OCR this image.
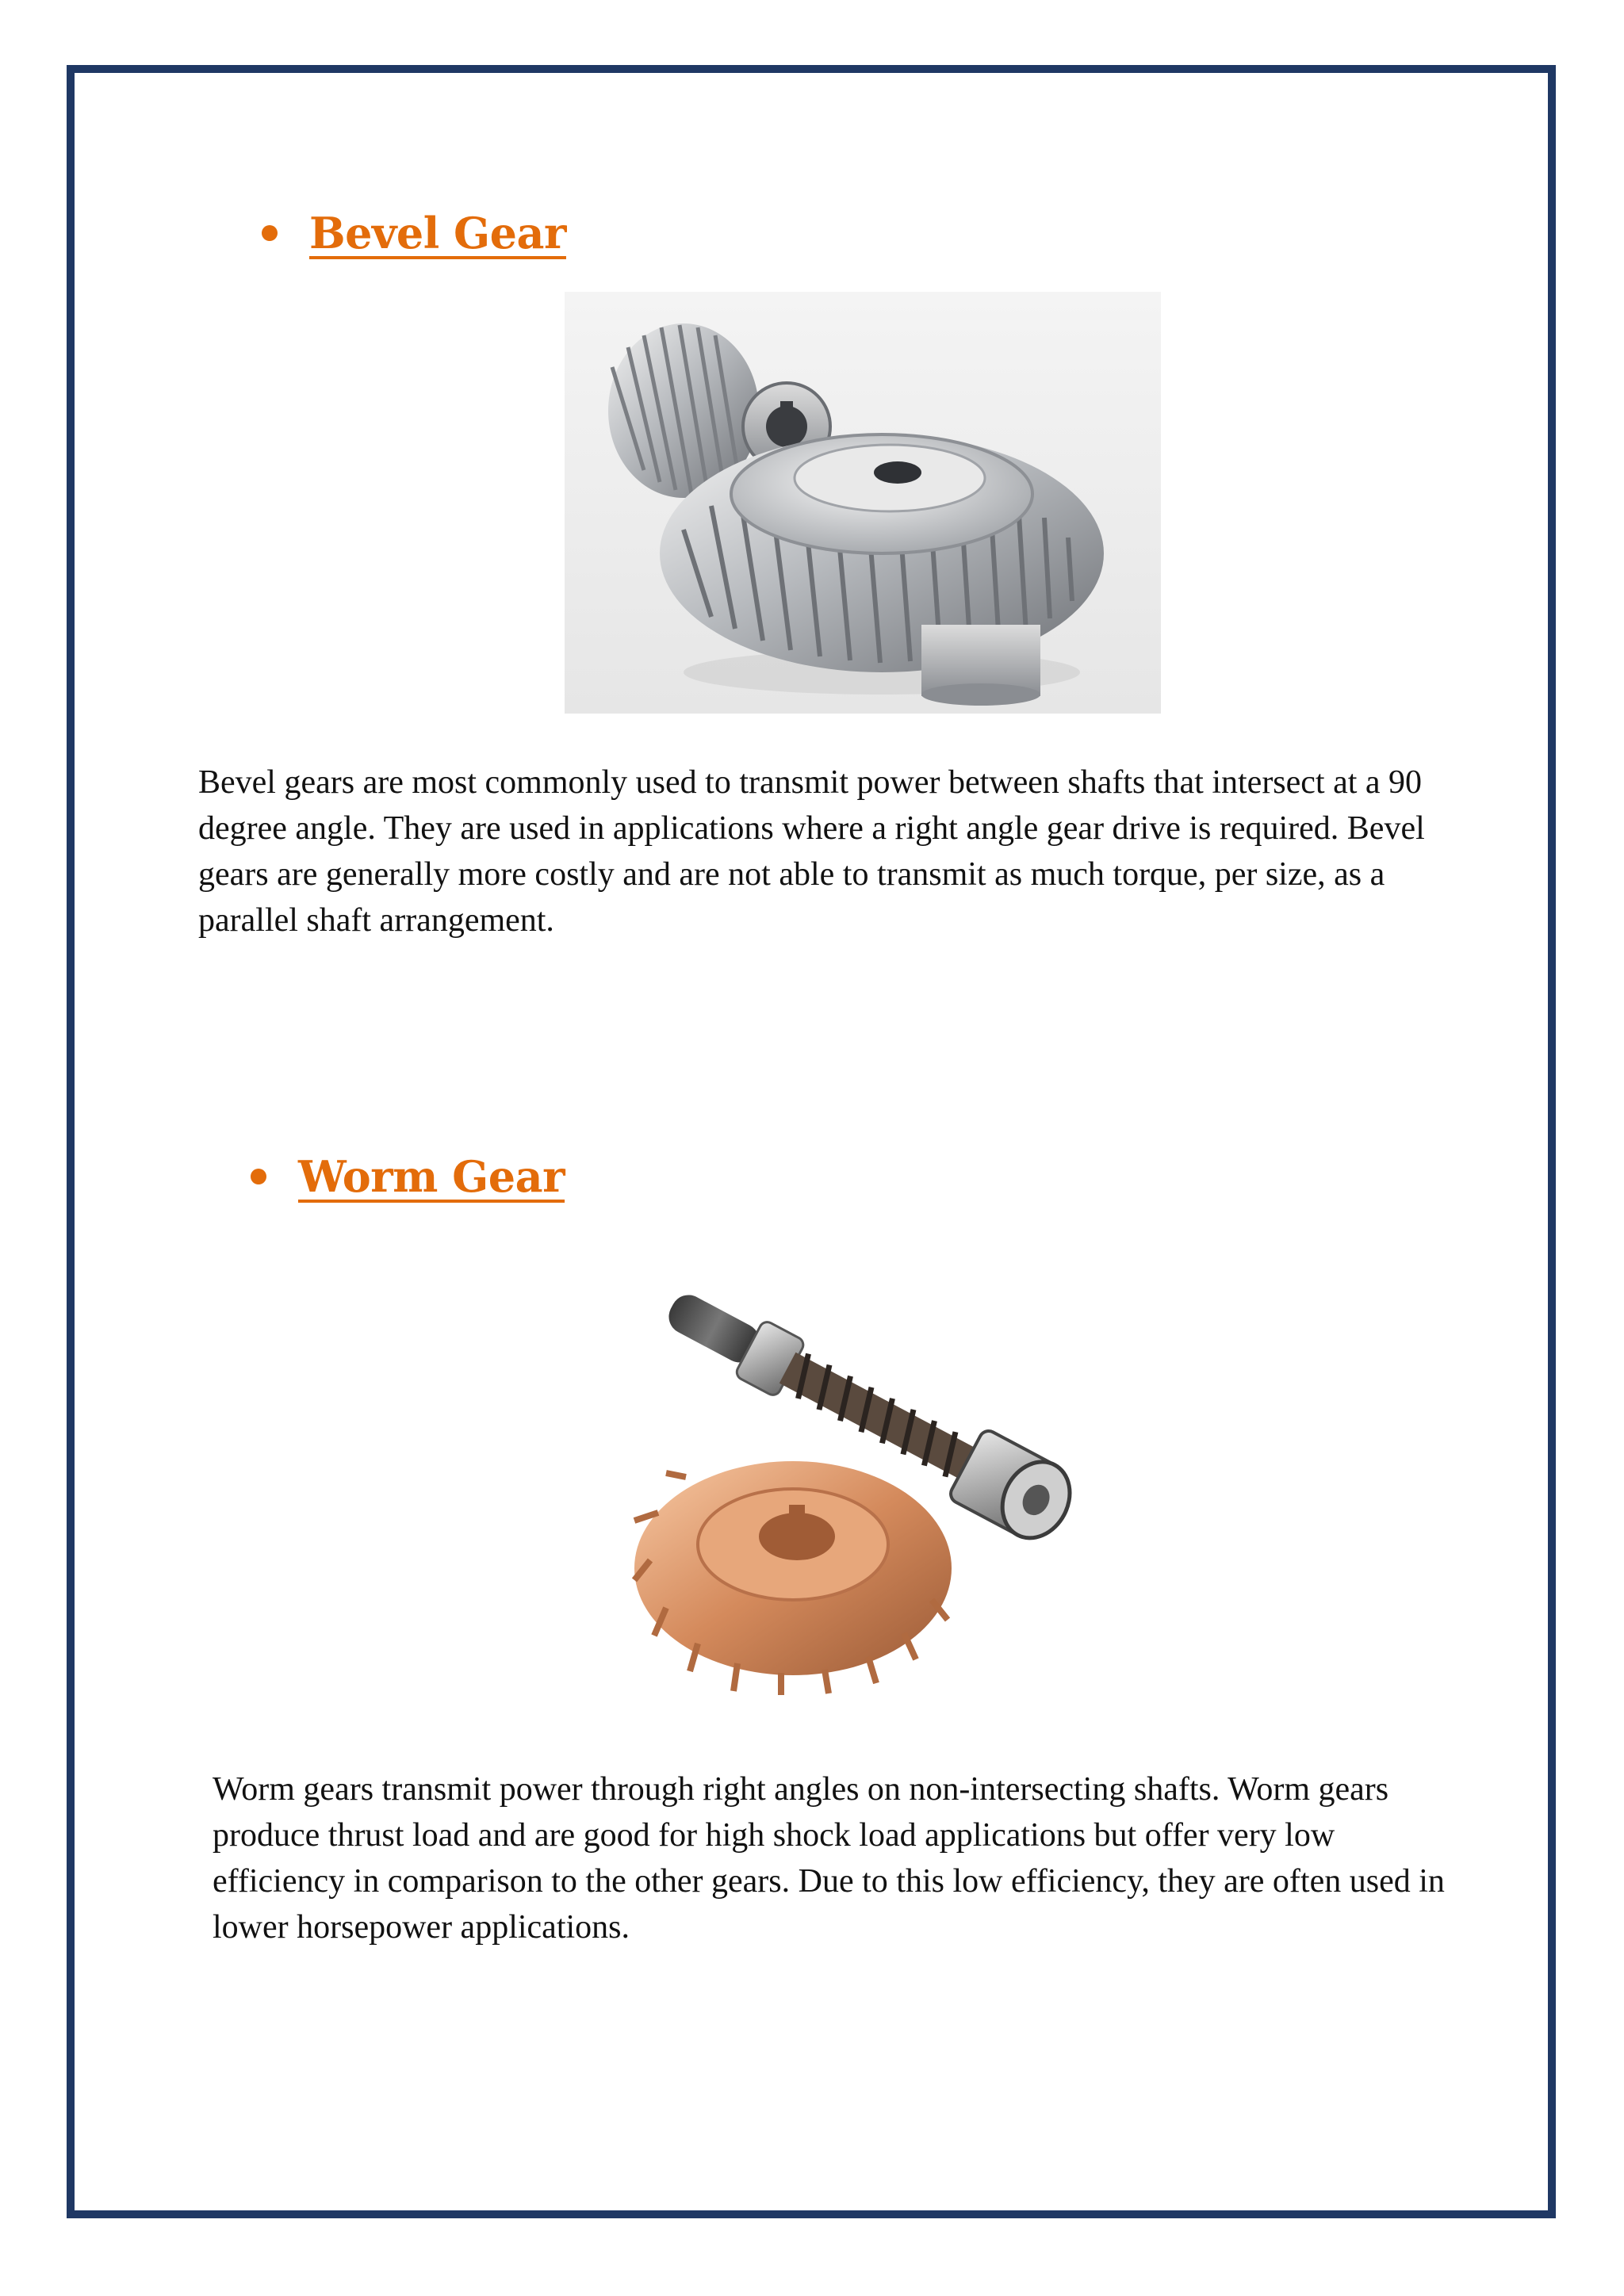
Bevel Gear

Bevel gears are most commonly used to transmit power between shafts that intersect at a 90 degree angle. They are used in applications where a right angle gear drive is required. Bevel gears are generally more costly and are not able to transmit as much torque, per size, as a parallel shaft arrangement.

Worm Gear

Worm gears transmit power through right angles on non-intersecting shafts. Worm gears produce thrust load and are good for high shock load applications but offer very low efficiency in comparison to the other gears. Due to this low efficiency, they are often used in lower horsepower applications.
